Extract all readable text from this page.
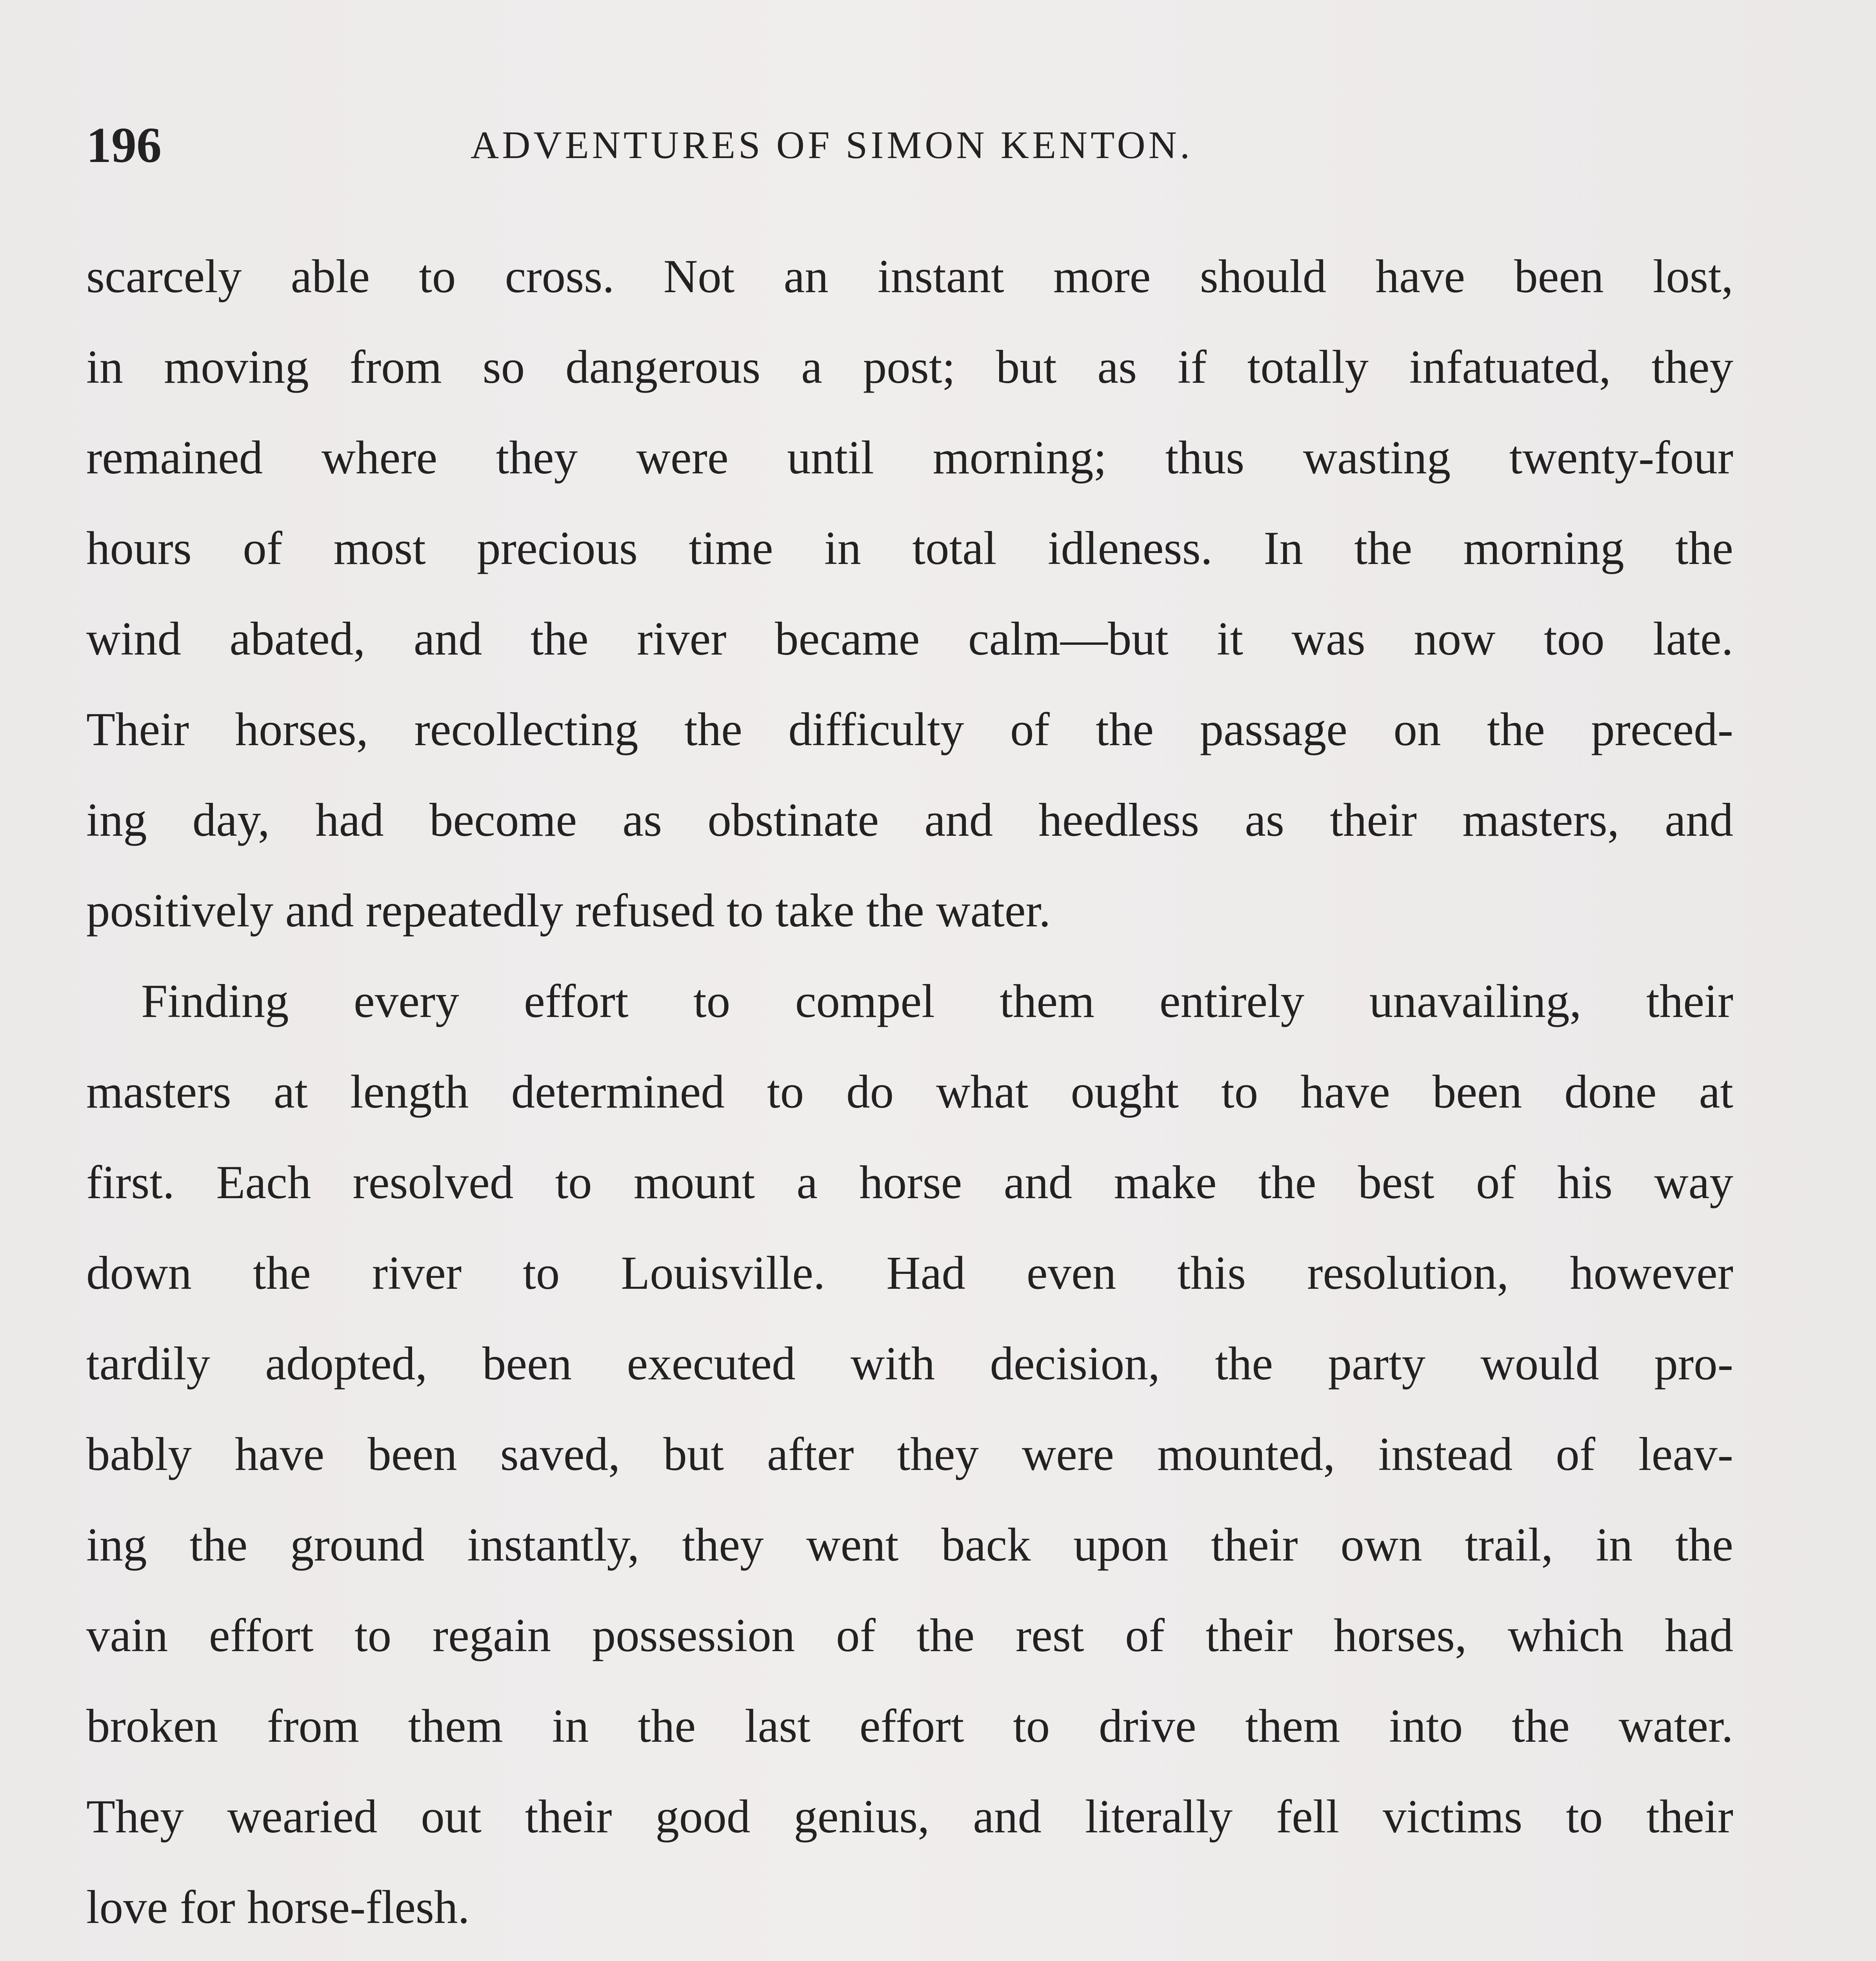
196	ADVENTURES OF SIMON KENTON.
scarcely able to cross. Not an instant more should have been lost,
in moving from so dangerous a post; but as if totally infatuated, they
remained where they were until morning; thus wasting twenty-four
hours of most precious time in total idleness. In the morning the
wind abated, and the river became calm—but it was now too late.
Their horses, recollecting the difficulty of the passage on the preced-
ing day, had become as obstinate and heedless as their masters, and
positively and repeatedly refused to take the water.
Finding every effort to compel them entirely unavailing, their
masters at length determined to do what ought to have been done at
first. Each resolved to mount a horse and make the best of his way
down the river to Louisville. Had even this resolution, however
tardily adopted, been executed with decision, the party would pro-
bably have been saved, but after they were mounted, instead of leav-
ing the ground instantly, they went back upon their own trail, in the
vain effort to regain possession of the rest of their horses, which had
broken from them in the last effort to drive them into the water.
They wearied out their good genius, and literally fell victims to their
love for horse-flesh.
